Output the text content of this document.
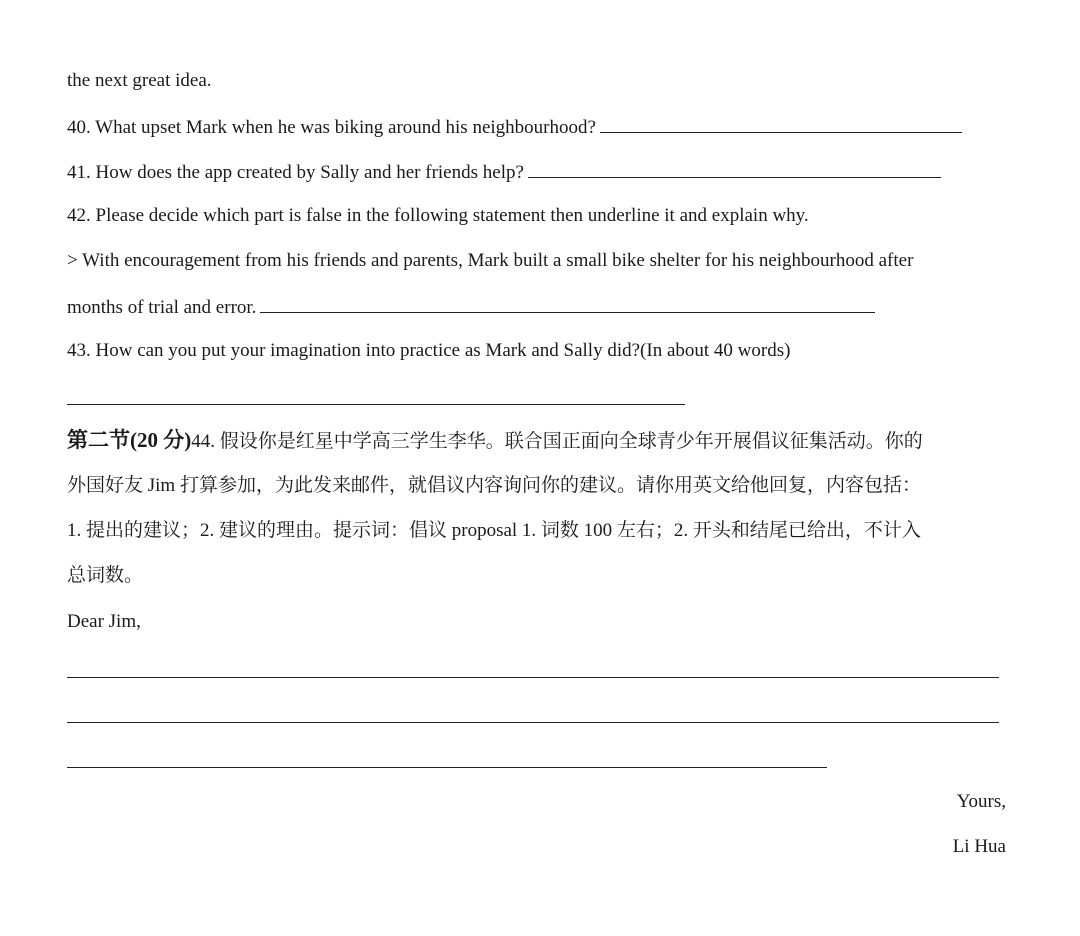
the next great idea.
40. What upset Mark when he was biking around his neighbourhood?
41. How does the app created by Sally and her friends help?
42. Please decide which part is false in the following statement then underline it and explain why.
> With encouragement from his friends and parents, Mark built a small bike shelter for his neighbourhood after
months of trial and error.
43. How can you put your imagination into practice as Mark and Sally did?(In about 40 words)
第二节(20 分)44. 假设你是红星中学高三学生李华。联合国正面向全球青少年开展倡议征集活动。你的
外国好友 Jim 打算参加，为此发来邮件，就倡议内容询问你的建议。请你用英文给他回复，内容包括：
1. 提出的建议；2. 建议的理由。提示词：倡议 proposal 1. 词数 100 左右；2. 开头和结尾已给出，不计入
总词数。
Dear Jim,
Yours,
Li Hua
